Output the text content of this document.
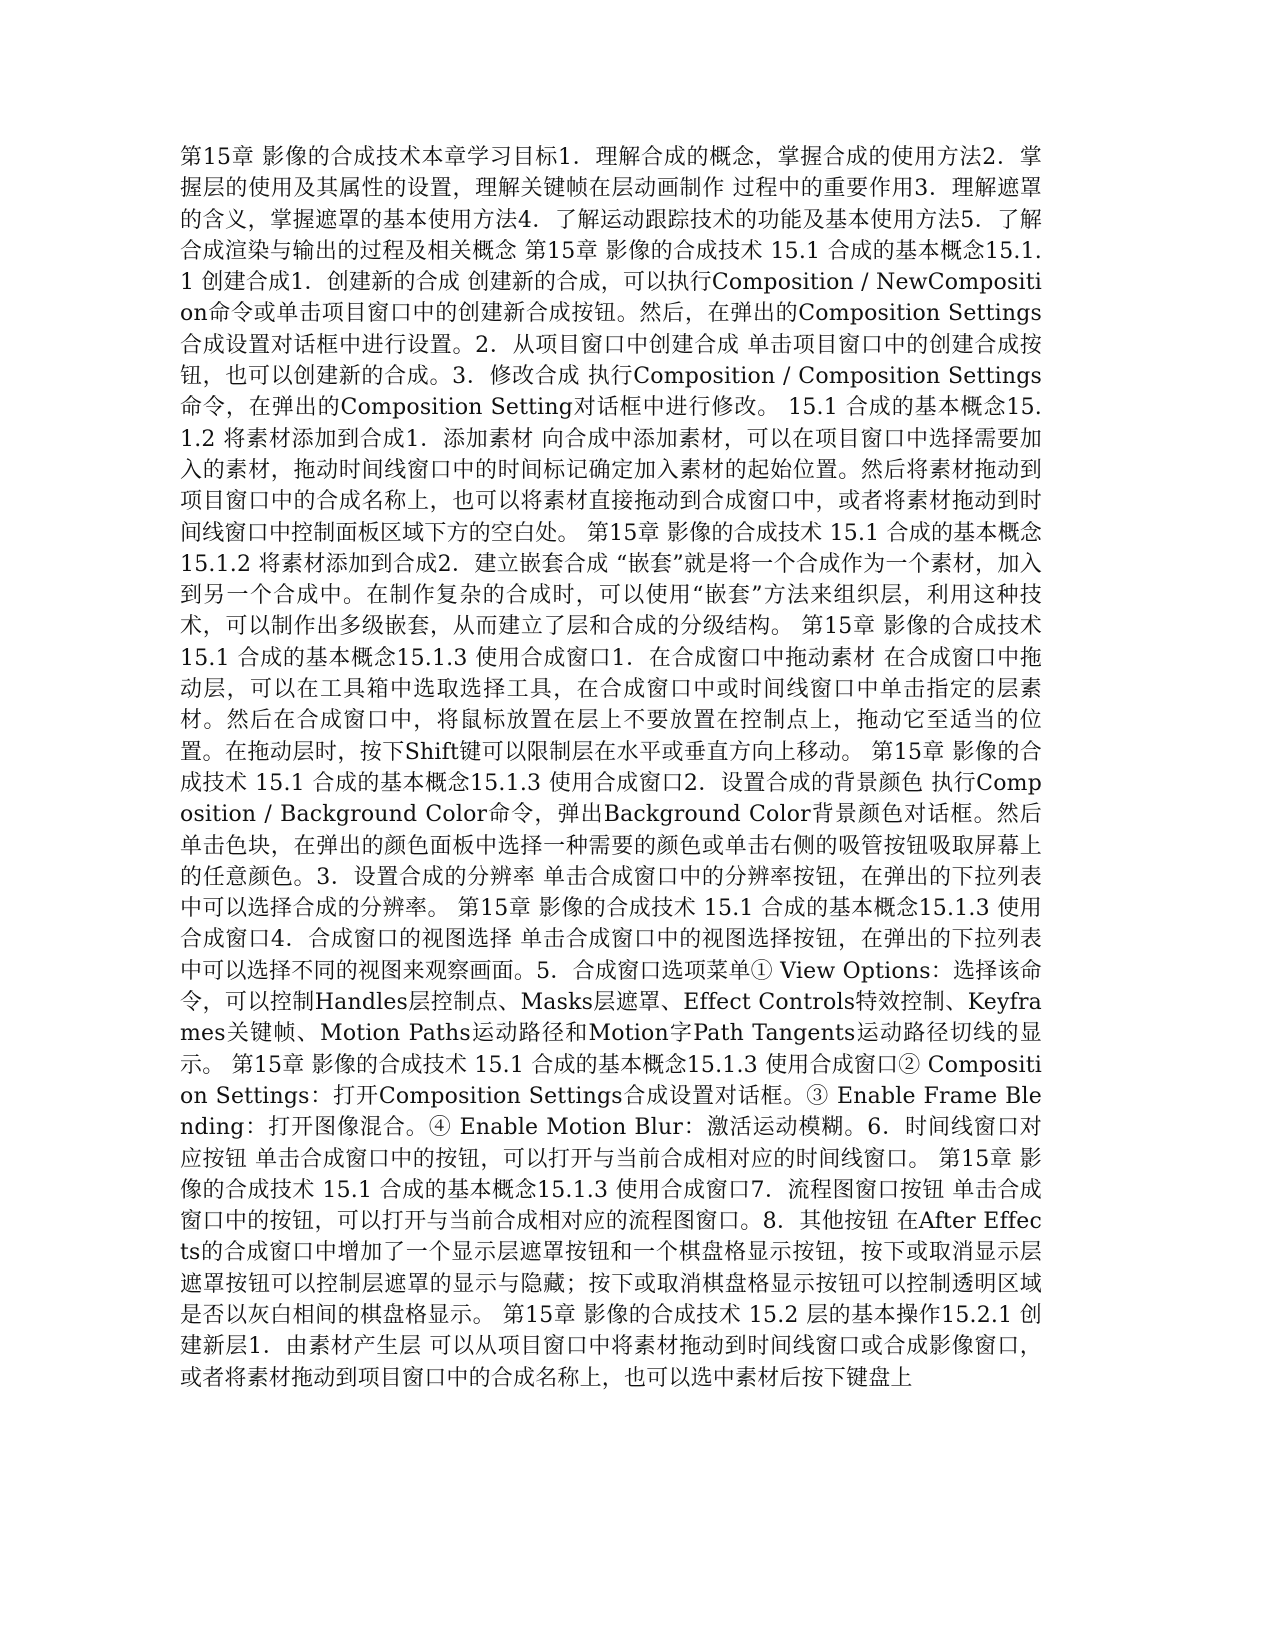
第15章 影像的合成技术本章学习目标1．理解合成的概念，掌握合成的使用方法2．掌握层的使用及其属性的设置，理解关键帧在层动画制作 过程中的重要作用3．理解遮罩的含义，掌握遮罩的基本使用方法4．了解运动跟踪技术的功能及基本使用方法5．了解合成渲染与输出的过程及相关概念 第15章 影像的合成技术 15.1 合成的基本概念15.1.1 创建合成1．创建新的合成 创建新的合成，可以执行Composition / NewComposition命令或单击项目窗口中的创建新合成按钮。然后，在弹出的Composition Settings合成设置对话框中进行设置。2．从项目窗口中创建合成 单击项目窗口中的创建合成按钮，也可以创建新的合成。3．修改合成 执行Composition / Composition Settings命令，在弹出的Composition Setting对话框中进行修改。 15.1 合成的基本概念15.1.2 将素材添加到合成1．添加素材 向合成中添加素材，可以在项目窗口中选择需要加入的素材，拖动时间线窗口中的时间标记确定加入素材的起始位置。然后将素材拖动到项目窗口中的合成名称上，也可以将素材直接拖动到合成窗口中，或者将素材拖动到时间线窗口中控制面板区域下方的空白处。 第15章 影像的合成技术 15.1 合成的基本概念15.1.2 将素材添加到合成2．建立嵌套合成 “嵌套”就是将一个合成作为一个素材，加入到另一个合成中。在制作复杂的合成时，可以使用“嵌套”方法来组织层，利用这种技术，可以制作出多级嵌套，从而建立了层和合成的分级结构。 第15章 影像的合成技术 15.1 合成的基本概念15.1.3 使用合成窗口1．在合成窗口中拖动素材 在合成窗口中拖动层，可以在工具箱中选取选择工具，在合成窗口中或时间线窗口中单击指定的层素材。然后在合成窗口中，将鼠标放置在层上不要放置在控制点上，拖动它至适当的位置。在拖动层时，按下Shift键可以限制层在水平或垂直方向上移动。 第15章 影像的合成技术 15.1 合成的基本概念15.1.3 使用合成窗口2．设置合成的背景颜色 执行Composition / Background Color命令，弹出Background Color背景颜色对话框。然后单击色块，在弹出的颜色面板中选择一种需要的颜色或单击右侧的吸管按钮吸取屏幕上的任意颜色。3．设置合成的分辨率 单击合成窗口中的分辨率按钮，在弹出的下拉列表中可以选择合成的分辨率。 第15章 影像的合成技术 15.1 合成的基本概念15.1.3 使用合成窗口4．合成窗口的视图选择 单击合成窗口中的视图选择按钮，在弹出的下拉列表中可以选择不同的视图来观察画面。5．合成窗口选项菜单① View Options：选择该命令，可以控制Handles层控制点、Masks层遮罩、Effect Controls特效控制、Keyframes关键帧、Motion Paths运动路径和Motion字Path Tangents运动路径切线的显示。 第15章 影像的合成技术 15.1 合成的基本概念15.1.3 使用合成窗口② Composition Settings：打开Composition Settings合成设置对话框。③ Enable Frame Blending：打开图像混合。④ Enable Motion Blur：激活运动模糊。6．时间线窗口对应按钮 单击合成窗口中的按钮，可以打开与当前合成相对应的时间线窗口。 第15章 影像的合成技术 15.1 合成的基本概念15.1.3 使用合成窗口7．流程图窗口按钮 单击合成窗口中的按钮，可以打开与当前合成相对应的流程图窗口。8．其他按钮 在After Effects的合成窗口中增加了一个显示层遮罩按钮和一个棋盘格显示按钮，按下或取消显示层遮罩按钮可以控制层遮罩的显示与隐藏；按下或取消棋盘格显示按钮可以控制透明区域是否以灰白相间的棋盘格显示。 第15章 影像的合成技术 15.2 层的基本操作15.2.1 创建新层1．由素材产生层 可以从项目窗口中将素材拖动到时间线窗口或合成影像窗口，或者将素材拖动到项目窗口中的合成名称上，也可以选中素材后按下键盘上
